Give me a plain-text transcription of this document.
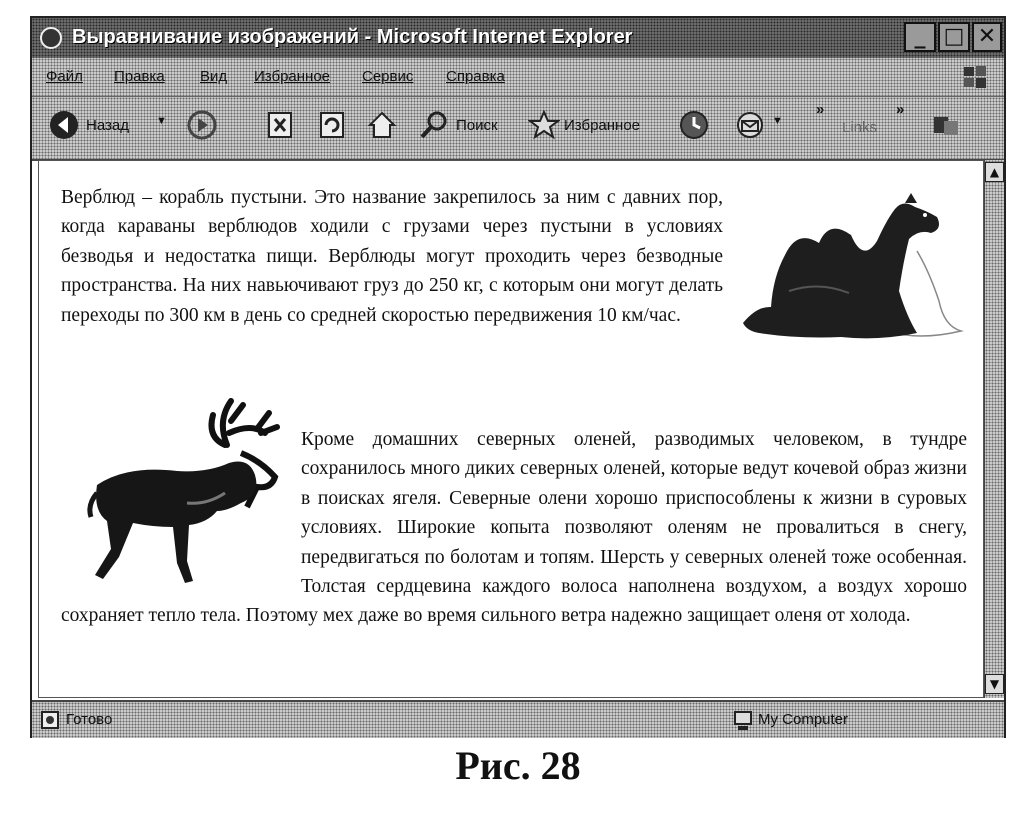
Выравнивание изображений - Microsoft Internet Explorer	_ □ ✕
Файл Правка Вид Избранное Сервис Справка
Назад ▼	Поиск	Избранное	▼
»
Links
»

Верблюд – корабль пустыни. Это название закрепилось за ним с давних пор, когда караваны верблюдов ходили с грузами через пустыни в условиях безводья и недостатка пищи. Верблюды могут проходить через безводные пространства. На них навьючивают груз до 250 кг, с которым они могут делать переходы по 300 км в день со средней скоростью передвижения 10 км/час.

Кроме домашних северных оленей, разводимых человеком, в тундре сохранилось много диких северных оленей, которые ведут кочевой образ жизни в поисках ягеля. Северные олени хорошо приспособлены к жизни в суровых условиях. Широкие копыта позволяют оленям не провалиться в снегу, передвигаться по болотам и топям. Шерсть у северных оленей тоже особенная. Толстая сердцевина каждого волоса наполнена воздухом, а воздух хорошо сохраняет тепло тела. Поэтому мех даже во время сильного ветра надежно защищает оленя от холода.

▲
▼
Готово	My Computer
Рис. 28
